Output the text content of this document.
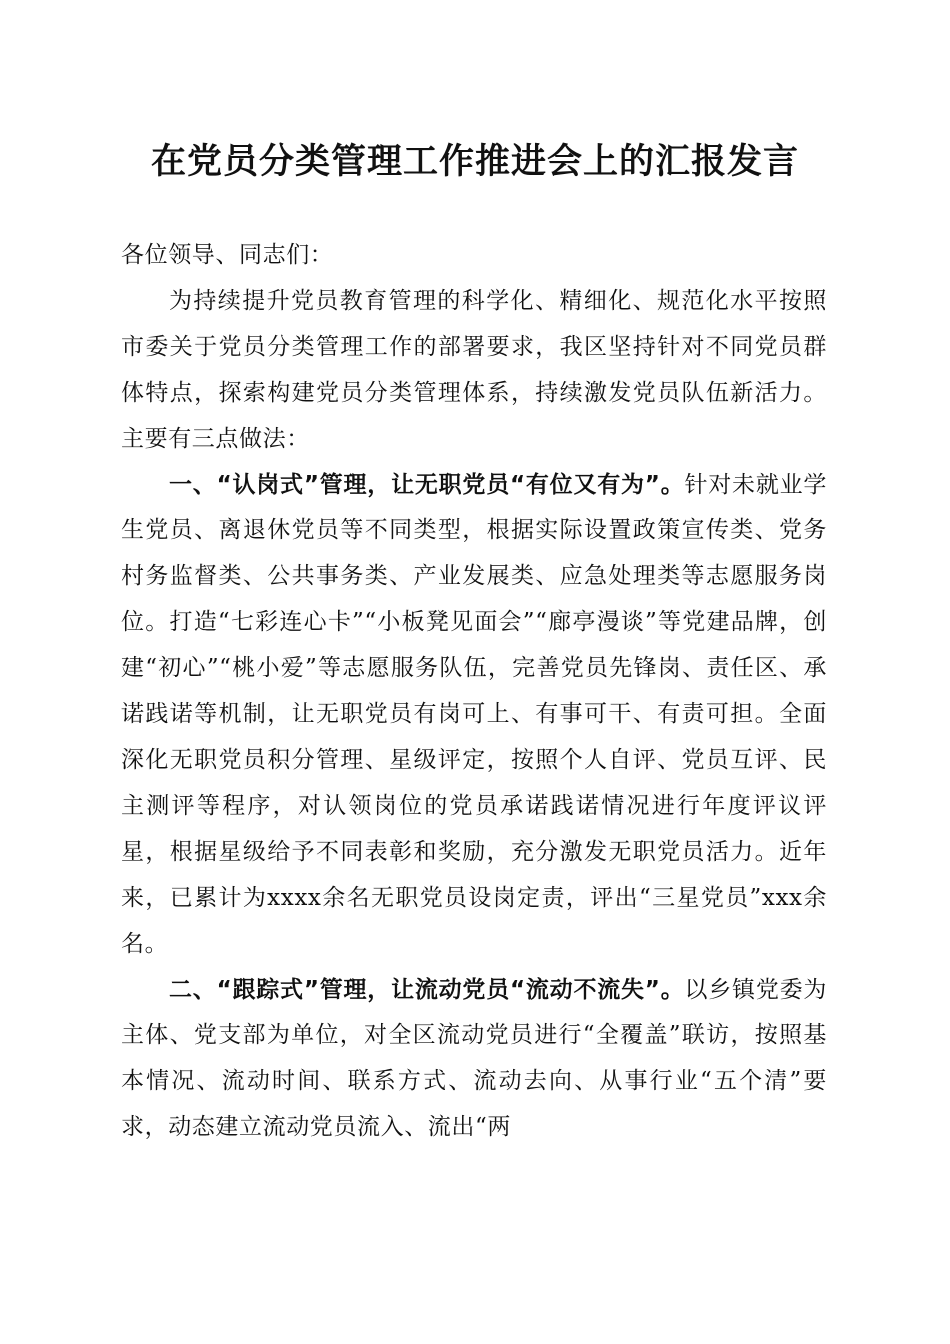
在党员分类管理工作推进会上的汇报发言

各位领导、同志们：

为持续提升党员教育管理的科学化、精细化、规范化水平按照市委关于党员分类管理工作的部署要求，我区坚持针对不同党员群体特点，探索构建党员分类管理体系，持续激发党员队伍新活力。主要有三点做法：

一、“认岗式”管理，让无职党员“有位又有为”。针对未就业学生党员、离退休党员等不同类型，根据实际设置政策宣传类、党务村务监督类、公共事务类、产业发展类、应急处理类等志愿服务岗位。打造“七彩连心卡”“小板凳见面会”“廊亭漫谈”等党建品牌，创建“初心”“桃小爱”等志愿服务队伍，完善党员先锋岗、责任区、承诺践诺等机制，让无职党员有岗可上、有事可干、有责可担。全面深化无职党员积分管理、星级评定，按照个人自评、党员互评、民主测评等程序，对认领岗位的党员承诺践诺情况进行年度评议评星，根据星级给予不同表彰和奖励，充分激发无职党员活力。近年来，已累计为xxxx余名无职党员设岗定责，评出“三星党员”xxx余名。

二、“跟踪式”管理，让流动党员“流动不流失”。以乡镇党委为主体、党支部为单位，对全区流动党员进行“全覆盖”联访，按照基本情况、流动时间、联系方式、流动去向、从事行业“五个清”要求，动态建立流动党员流入、流出“两
